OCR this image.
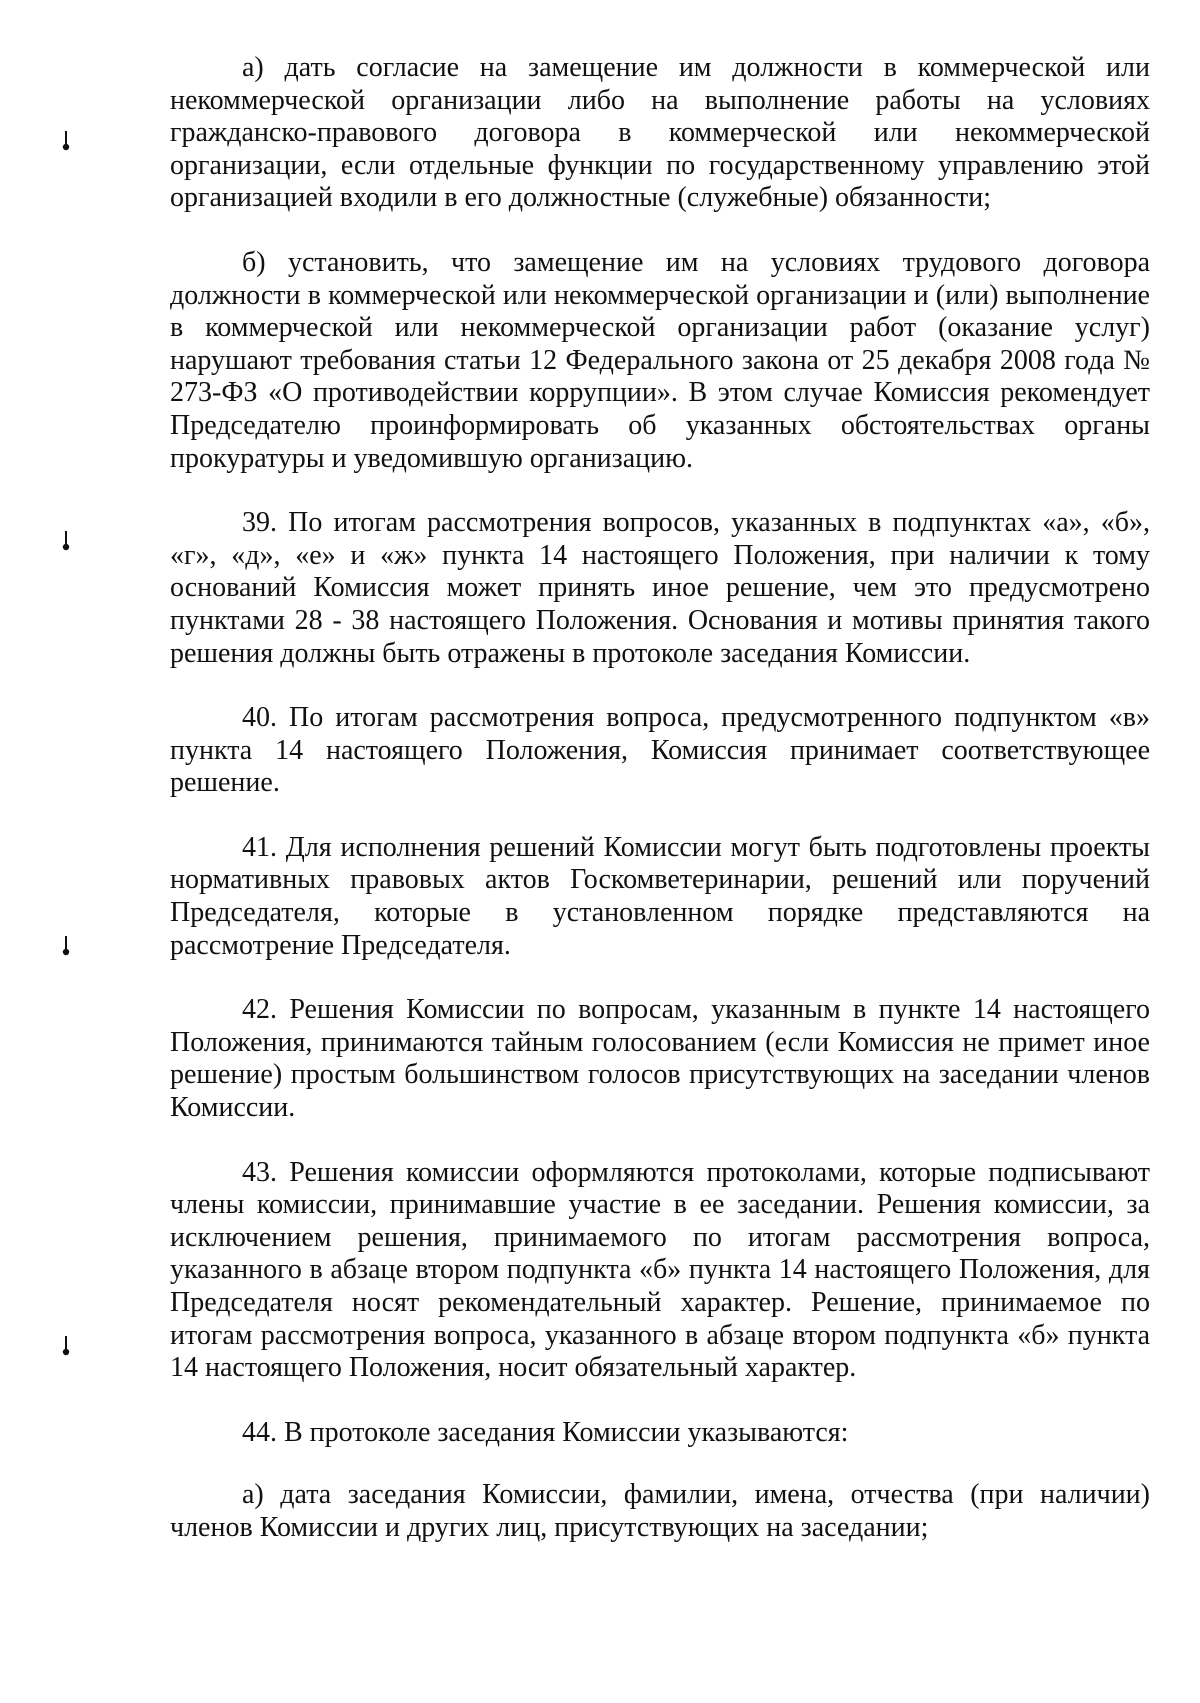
а) дать согласие на замещение им должности в коммерческой или некоммерческой организации либо на выполнение работы на условиях гражданско-правового договора в коммерческой или некоммерческой организации, если отдельные функции по государственному управлению этой организацией входили в его должностные (служебные) обязанности;

б) установить, что замещение им на условиях трудового договора должности в коммерческой или некоммерческой организации и (или) выполнение в коммерческой или некоммерческой организации работ (оказание услуг) нарушают требования статьи 12 Федерального закона от 25 декабря 2008 года № 273-ФЗ «О противодействии коррупции». В этом случае Комиссия рекомендует Председателю проинформировать об указанных обстоятельствах органы прокуратуры и уведомившую организацию.

39. По итогам рассмотрения вопросов, указанных в подпунктах «а», «б», «г», «д», «е» и «ж» пункта 14 настоящего Положения, при наличии к тому оснований Комиссия может принять иное решение, чем это предусмотрено пунктами 28 - 38 настоящего Положения. Основания и мотивы принятия такого решения должны быть отражены в протоколе заседания Комиссии.

40. По итогам рассмотрения вопроса, предусмотренного подпунктом «в» пункта 14 настоящего Положения, Комиссия принимает соответствующее решение.

41. Для исполнения решений Комиссии могут быть подготовлены проекты нормативных правовых актов Госкомветеринарии, решений или поручений Председателя, которые в установленном порядке представляются на рассмотрение Председателя.

42. Решения Комиссии по вопросам, указанным в пункте 14 настоящего Положения, принимаются тайным голосованием (если Комиссия не примет иное решение) простым большинством голосов присутствующих на заседании членов Комиссии.

43. Решения комиссии оформляются протоколами, которые подписывают члены комиссии, принимавшие участие в ее заседании. Решения комиссии, за исключением решения, принимаемого по итогам рассмотрения вопроса, указанного в абзаце втором подпункта «б» пункта 14 настоящего Положения, для Председателя носят рекомендательный характер. Решение, принимаемое по итогам рассмотрения вопроса, указанного в абзаце втором подпункта «б» пункта 14 настоящего Положения, носит обязательный характер.

44. В протоколе заседания Комиссии указываются:

а) дата заседания Комиссии, фамилии, имена, отчества (при наличии) членов Комиссии и других лиц, присутствующих на заседании;
